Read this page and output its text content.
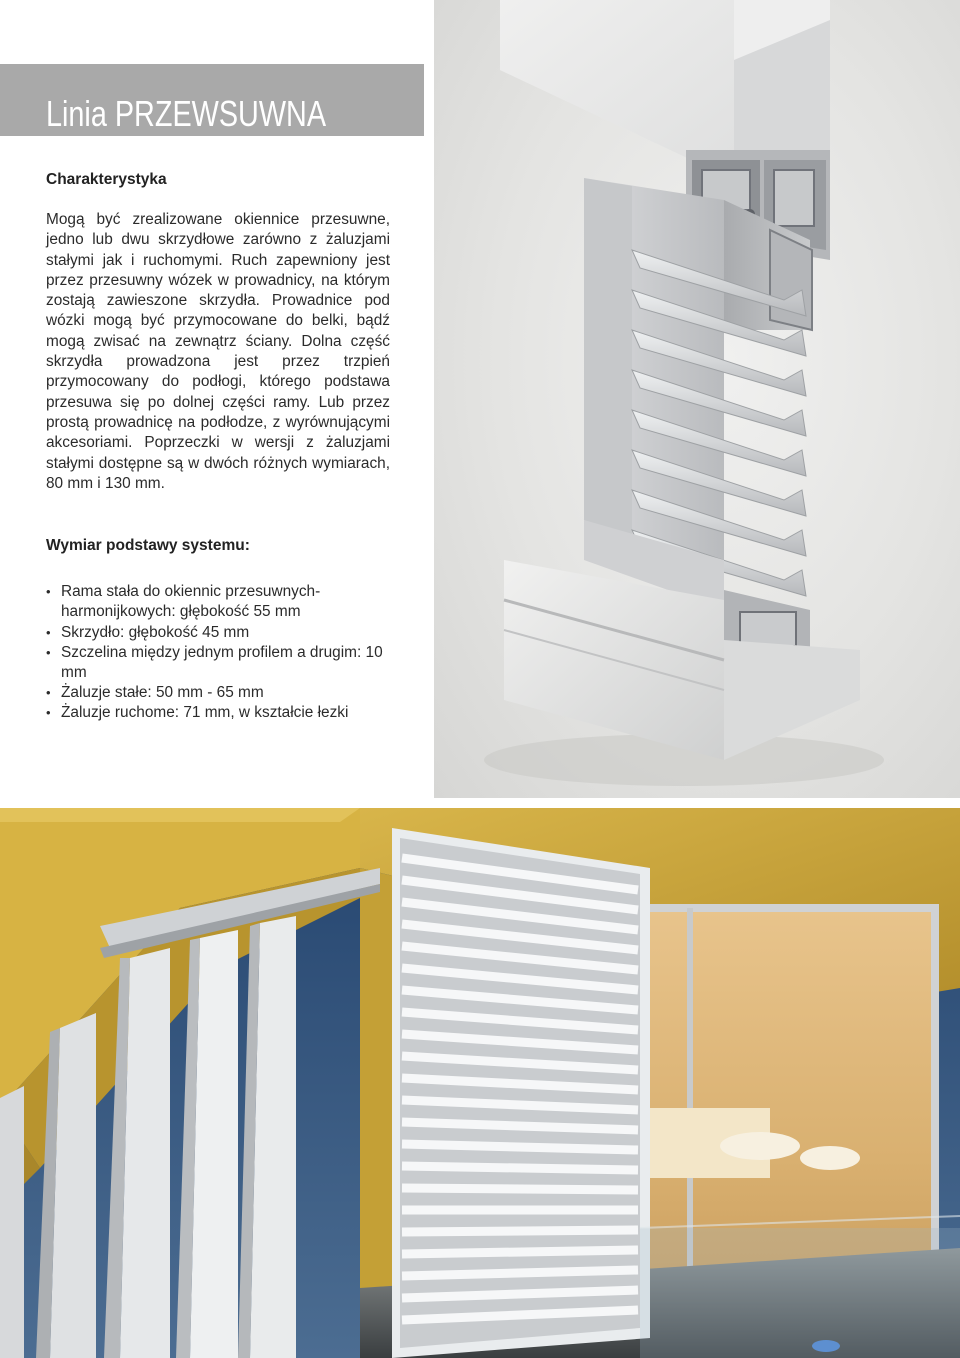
Linia PRZEWSUWNA
Charakterystyka

Mogą być zrealizowane okiennice przesuwne, jedno lub dwu skrzydłowe zarówno z żaluzjami stałymi jak i ruchomymi. Ruch zapewniony jest przez przesuwny wózek w prowadnicy, na którym zostają zawieszone skrzydła. Prowadnice pod wózki mogą być przymocowane do belki, bądź mogą zwisać na zewnątrz ściany. Dolna część skrzydła prowadzona jest przez trzpień przymocowany do podłogi, którego podstawa przesuwa się po dolnej części ramy. Lub przez prostą prowadnicę na podłodze, z wyrównującymi akcesoriami. Poprzeczki w wersji z żaluzjami stałymi dostępne są w dwóch różnych wymiarach, 80 mm i 130 mm.

Wymiar podstawy systemu:
• Rama stała do okiennic przesuwnych-harmonijkowych: głębokość 55 mm
• Skrzydło: głębokość 45 mm
• Szczelina między jednym profilem a drugim: 10 mm
• Żaluzje stałe: 50 mm - 65 mm
• Żaluzje ruchome: 71 mm, w kształcie łezki
